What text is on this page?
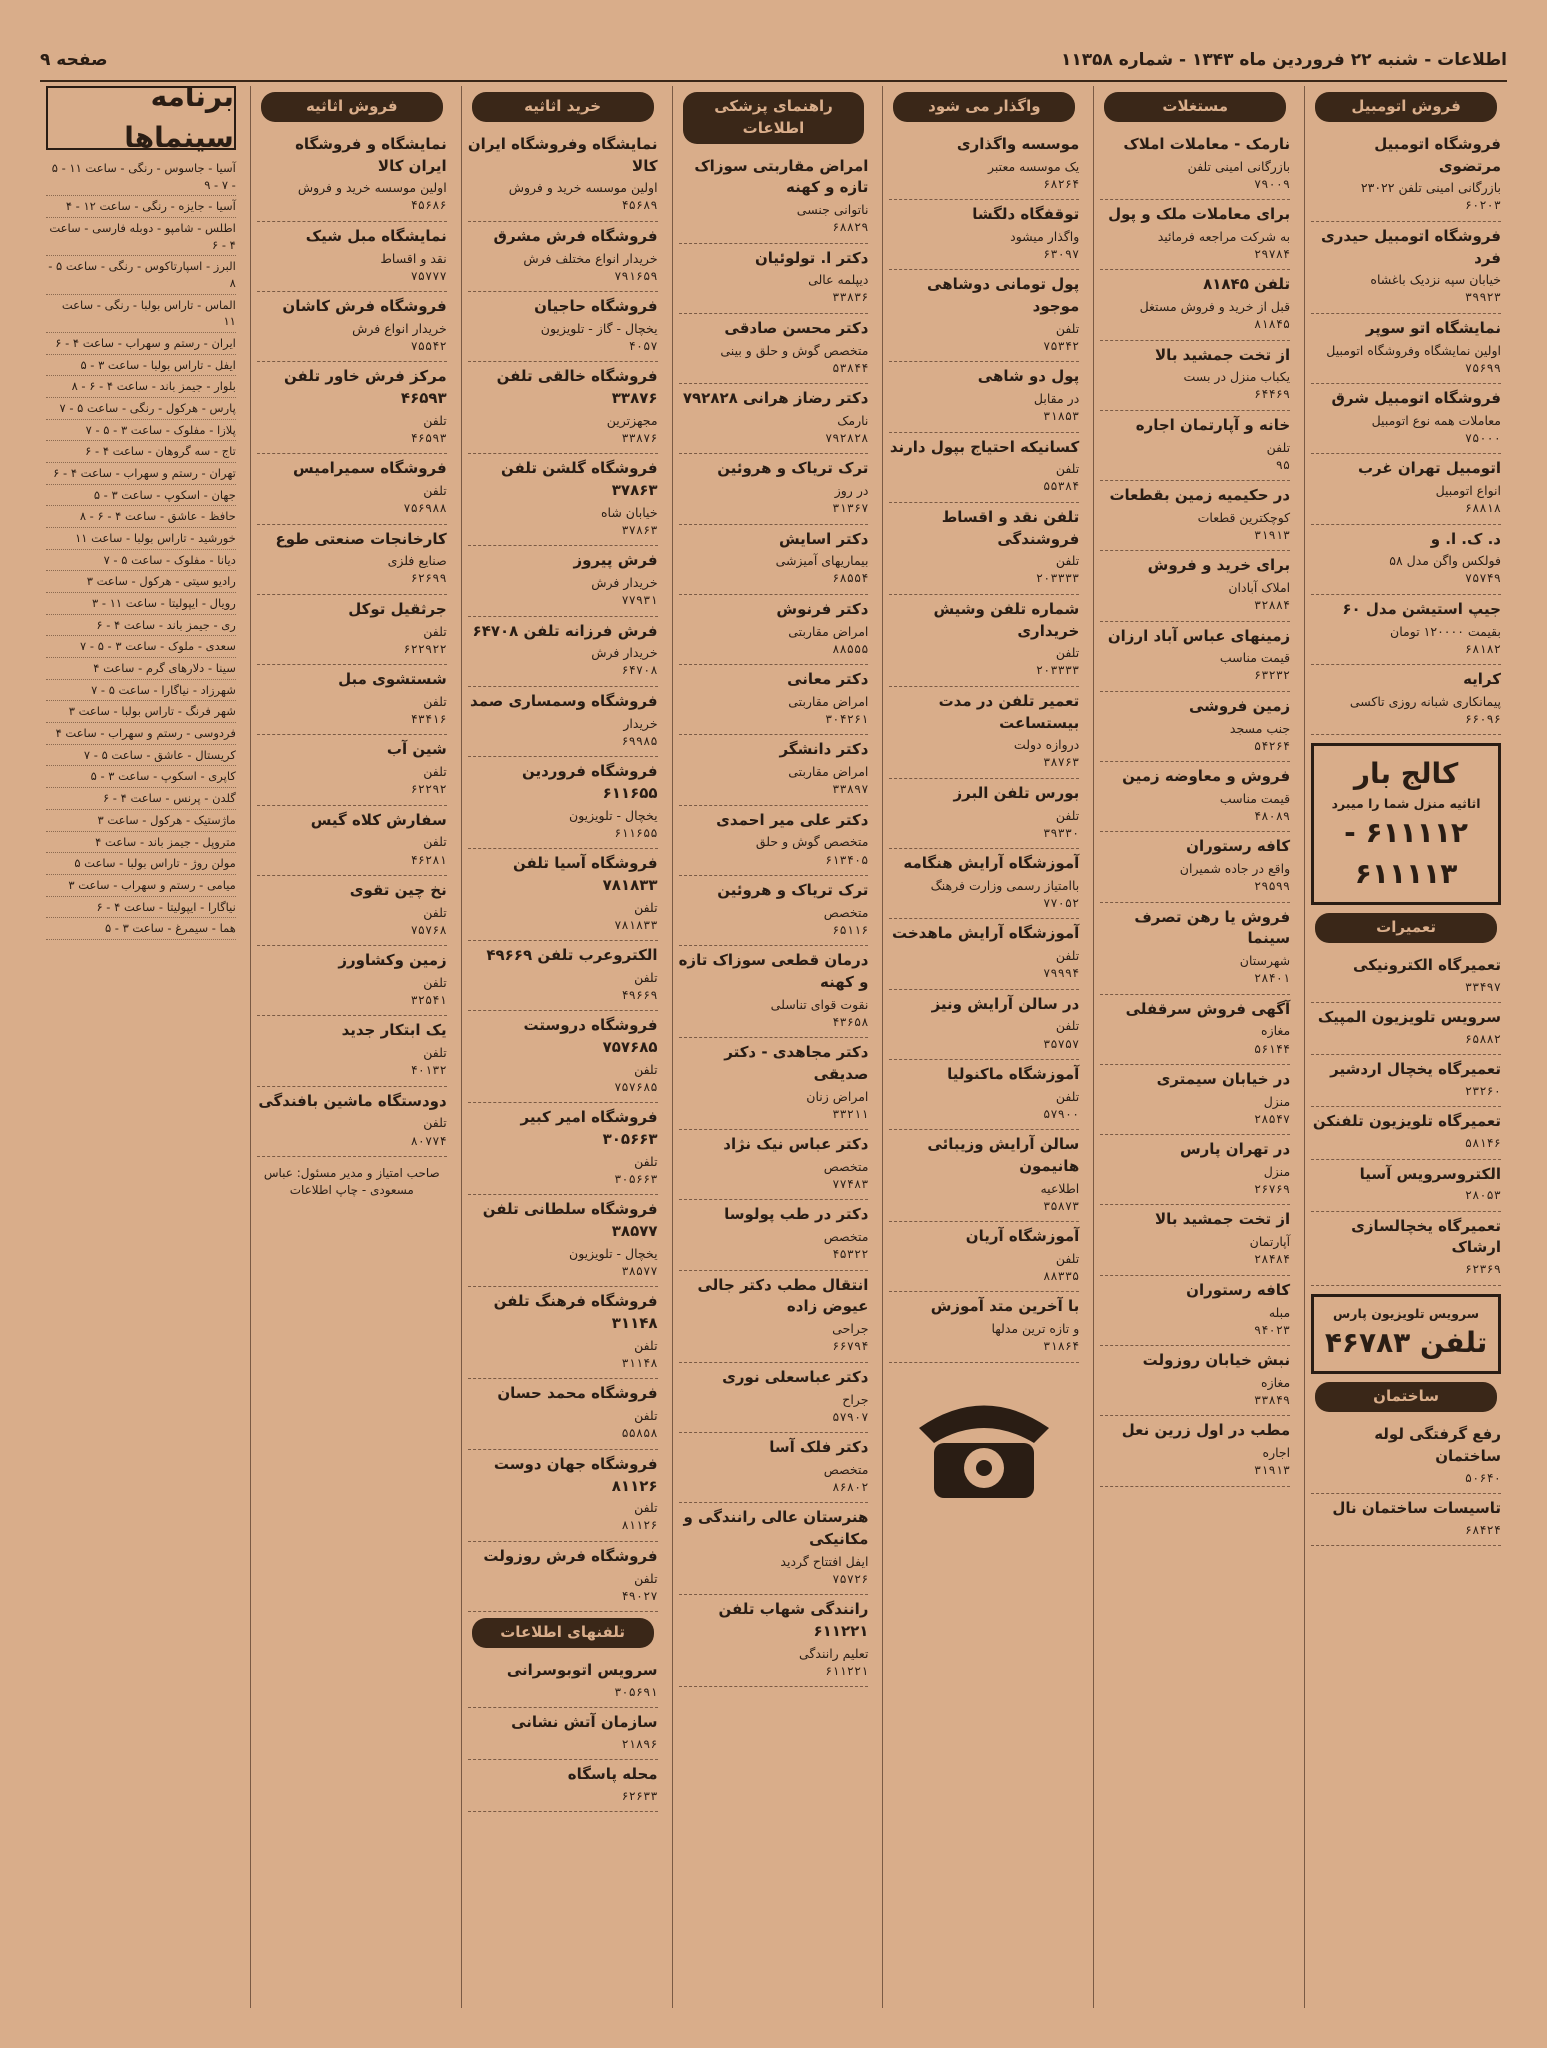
اطلاعات - شنبه ۲۲ فروردین ماه ۱۳۴۳ - شماره ۱۱۳۵۸
صفحه ۹
فروش اتومبیل
فروشگاه اتومبیل مرتضوی
بازرگانی امینی تلفن ۲۳۰۲۲
۶۰۲۰۳
فروشگاه اتومبیل حیدری فرد
خیابان سپه نزدیک باغشاه
۳۹۹۲۳
نمایشگاه اتو سوپر
اولین نمایشگاه وفروشگاه اتومبیل
۷۵۶۹۹
فروشگاه اتومبیل شرق
معاملات همه نوع اتومبیل
۷۵۰۰۰
اتومبیل تهران غرب
انواع اتومبیل
۶۸۸۱۸
د. ک. ا. و
فولکس واگن مدل ۵۸
۷۵۷۴۹
جیپ استیشن مدل ۶۰
بقیمت ۱۲۰۰۰۰ تومان
۶۸۱۸۲
کرایه
پیمانکاری شبانه روزی تاکسی
۶۶۰۹۶
کالج بار
اثاثیه منزل شما را میبرد
۶۱۱۱۱۲ - ۶۱۱۱۱۳
تعمیرات
تعمیرگاه الکترونیکی
۳۳۴۹۷
سرویس تلویزیون المپیک
۶۵۸۸۲
تعمیرگاه یخچال اردشیر
۲۳۲۶۰
تعمیرگاه تلویزیون تلفنکن
۵۸۱۴۶
الکتروسرویس آسیا
۲۸۰۵۳
تعمیرگاه یخچالسازی ارشاک
۶۲۳۶۹
سرویس تلویزیون پارس
تلفن ۴۶۷۸۳
ساختمان
رفع گرفتگی لوله ساختمان
۵۰۶۴۰
تاسیسات ساختمان نال
۶۸۴۲۴
مستغلات
نارمک - معاملات املاک
بازرگانی امینی تلفن
۷۹۰۰۹
برای معاملات ملک و پول
به شرکت مراجعه فرمائید
۲۹۷۸۴
تلفن ۸۱۸۴۵
قبل از خرید و فروش مستغل
۸۱۸۴۵
از تخت جمشید بالا
یکباب منزل در بست
۶۴۴۶۹
خانه و آپارتمان اجاره
تلفن
۹۵
در حکیمیه زمین بقطعات
کوچکترین قطعات
۳۱۹۱۳
برای خرید و فروش
املاک آبادان
۳۲۸۸۴
زمینهای عباس آباد ارزان
قیمت مناسب
۶۳۲۳۲
زمین فروشی
جنب مسجد
۵۴۲۶۴
فروش و معاوضه زمین
قیمت مناسب
۴۸۰۸۹
کافه رستوران
واقع در جاده شمیران
۲۹۵۹۹
فروش یا رهن تصرف سینما
شهرستان
۲۸۴۰۱
آگهی فروش سرقفلی
مغازه
۵۶۱۴۴
در خیابان سیمتری
منزل
۲۸۵۴۷
در تهران پارس
منزل
۲۶۷۶۹
از تخت جمشید بالا
آپارتمان
۲۸۴۸۴
کافه رستوران
مبله
۹۴۰۲۳
نبش خیابان روزولت
مغازه
۳۳۸۴۹
مطب در اول زرین نعل
اجاره
۳۱۹۱۳
واگذار می شود
موسسه واگذاری
یک موسسه معتبر
۶۸۲۶۴
توقفگاه دلگشا
واگذار میشود
۶۳۰۹۷
پول تومانی دوشاهی موجود
تلفن
۷۵۳۴۲
پول دو شاهی
در مقابل
۳۱۸۵۳
کسانیکه احتیاج بپول دارند
تلفن
۵۵۳۸۴
تلفن نقد و اقساط فروشندگی
تلفن
۲۰۳۳۳۳
شماره تلفن وشیش خریداری
تلفن
۲۰۳۳۳۳
تعمیر تلفن در مدت بیستساعت
دروازه دولت
۳۸۷۶۳
بورس تلفن البرز
تلفن
۳۹۳۳۰
آموزشگاه آرایش هنگامه
باامتیاز رسمی وزارت فرهنگ
۷۷۰۵۲
آموزشگاه آرایش ماهدخت
تلفن
۷۹۹۹۴
در سالن آرایش ونیز
تلفن
۳۵۷۵۷
آموزشگاه ماکنولیا
تلفن
۵۷۹۰۰
سالن آرایش وزیبائی هانیمون
اطلاعیه
۳۵۸۷۳
آموزشگاه آریان
تلفن
۸۸۳۳۵
با آخرین متد آموزش
و تازه ترین مدلها
۳۱۸۶۴
راهنمای پزشکی اطلاعات
امراض مقاربتی سوزاک تازه و کهنه
ناتوانی جنسی
۶۸۸۲۹
دکتر ا. تولوئیان
دیپلمه عالی
۳۳۸۳۶
دکتر محسن صادقی
متخصص گوش و حلق و بینی
۵۳۸۴۴
دکتر رضاز هرانی ۷۹۲۸۲۸
نارمک
۷۹۲۸۲۸
ترک تریاک و هروئین
در روز
۳۱۳۶۷
دکتر اسایش
بیماریهای آمیزشی
۶۸۵۵۴
دکتر فرنوش
امراض مقاربتی
۸۸۵۵۵
دکتر معانی
امراض مقاربتی
۳۰۴۲۶۱
دکتر دانشگر
امراض مقاربتی
۳۳۸۹۷
دکتر علی میر احمدی
متخصص گوش و حلق
۶۱۳۴۰۵
ترک تریاک و هروئین
متخصص
۶۵۱۱۶
درمان قطعی سوزاک تازه و کهنه
نقوت قوای تناسلی
۴۳۶۵۸
دکتر مجاهدی - دکتر صدیقی
امراض زنان
۳۳۲۱۱
دکتر عباس نیک نژاد
متخصص
۷۷۴۸۳
دکتر در طب پولوسا
متخصص
۴۵۳۲۲
انتقال مطب دکتر جالی عیوض زاده
جراحی
۶۶۷۹۴
دکتر عباسعلی نوری
جراح
۵۷۹۰۷
دکتر فلک آسا
متخصص
۸۶۸۰۲
هنرستان عالی رانندگی و مکانیکی
ایفل افتتاح گردید
۷۵۷۲۶
رانندگی شهاب تلفن ۶۱۱۲۲۱
تعلیم رانندگی
۶۱۱۲۲۱
خرید اثاثیه
نمایشگاه وفروشگاه ایران کالا
اولین موسسه خرید و فروش
۴۵۶۸۹
فروشگاه فرش مشرق
خریدار انواع مختلف فرش
۷۹۱۶۵۹
فروشگاه حاجیان
یخچال - گاز - تلویزیون
۴۰۵۷
فروشگاه خالقی تلفن ۳۳۸۷۶
مجهزترین
۳۳۸۷۶
فروشگاه گلشن تلفن ۳۷۸۶۳
خیابان شاه
۳۷۸۶۳
فرش پیروز
خریدار فرش
۷۷۹۳۱
فرش فرزانه تلفن ۶۴۷۰۸
خریدار فرش
۶۴۷۰۸
فروشگاه وسمساری صمد
خریدار
۶۹۹۸۵
فروشگاه فروردین ۶۱۱۶۵۵
یخچال - تلویزیون
۶۱۱۶۵۵
فروشگاه آسیا تلفن ۷۸۱۸۳۳
تلفن
۷۸۱۸۳۳
الکتروعرب تلفن ۴۹۶۶۹
تلفن
۴۹۶۶۹
فروشگاه دروستت ۷۵۷۶۸۵
تلفن
۷۵۷۶۸۵
فروشگاه امیر کبیر ۳۰۵۶۶۳
تلفن
۳۰۵۶۶۳
فروشگاه سلطانی تلفن ۳۸۵۷۷
یخچال - تلویزیون
۳۸۵۷۷
فروشگاه فرهنگ تلفن ۳۱۱۴۸
تلفن
۳۱۱۴۸
فروشگاه محمد حسان
تلفن
۵۵۸۵۸
فروشگاه جهان دوست ۸۱۱۲۶
تلفن
۸۱۱۲۶
فروشگاه فرش روزولت
تلفن
۴۹۰۲۷
تلفنهای اطلاعات
سرویس اتوبوسرانی
۳۰۵۶۹۱
سازمان آتش نشانی
۲۱۸۹۶
محله پاسگاه
۶۲۶۳۳
فروش اثاثیه
نمایشگاه و فروشگاه ایران کالا
اولین موسسه خرید و فروش
۴۵۶۸۶
نمایشگاه مبل شیک
نقد و اقساط
۷۵۷۷۷
فروشگاه فرش کاشان
خریدار انواع فرش
۷۵۵۴۲
مرکز فرش خاور تلفن ۴۶۵۹۳
تلفن
۴۶۵۹۳
فروشگاه سمیرامیس
تلفن
۷۵۶۹۸۸
کارخانجات صنعتی طوع
صنایع فلزی
۶۲۶۹۹
جرثقیل توکل
تلفن
۶۲۲۹۲۲
شستشوی مبل
تلفن
۴۳۴۱۶
شین آب
تلفن
۶۲۲۹۲
سفارش کلاه گیس
تلفن
۴۶۲۸۱
نخ چین تقوی
تلفن
۷۵۷۶۸
زمین وکشاورز
تلفن
۳۲۵۴۱
یک ابتکار جدید
تلفن
۴۰۱۳۲
دودستگاه ماشین بافندگی
تلفن
۸۰۷۷۴
صاحب امتیاز و مدیر مسئول: عباس مسعودی - چاپ اطلاعات
برنامه سینماها
آسیا - جاسوس - رنگی - ساعت ۱۱ - ۵ - ۷ - ۹
آسیا - جایزه - رنگی - ساعت ۱۲ - ۴
اطلس - شامپو - دوبله فارسی - ساعت ۴ - ۶
البرز - اسپارتاکوس - رنگی - ساعت ۵ - ۸
الماس - تاراس بولبا - رنگی - ساعت ۱۱
ایران - رستم و سهراب - ساعت ۴ - ۶
ایفل - تاراس بولبا - ساعت ۳ - ۵
بلوار - جیمز باند - ساعت ۴ - ۶ - ۸
پارس - هرکول - رنگی - ساعت ۵ - ۷
پلازا - مفلوک - ساعت ۳ - ۵ - ۷
تاج - سه گروهان - ساعت ۴ - ۶
تهران - رستم و سهراب - ساعت ۴ - ۶
جهان - اسکوپ - ساعت ۳ - ۵
حافظ - عاشق - ساعت ۴ - ۶ - ۸
خورشید - تاراس بولبا - ساعت ۱۱
دیانا - مفلوک - ساعت ۵ - ۷
رادیو سیتی - هرکول - ساعت ۳
رویال - ایپولیتا - ساعت ۱۱ - ۳
ری - جیمز باند - ساعت ۴ - ۶
سعدی - ملوک - ساعت ۳ - ۵ - ۷
سینا - دلارهای گرم - ساعت ۴
شهرزاد - نیاگارا - ساعت ۵ - ۷
شهر فرنگ - تاراس بولبا - ساعت ۳
فردوسی - رستم و سهراب - ساعت ۴
کریستال - عاشق - ساعت ۵ - ۷
کاپری - اسکوپ - ساعت ۳ - ۵
گلدن - پرنس - ساعت ۴ - ۶
ماژستیک - هرکول - ساعت ۳
متروپل - جیمز باند - ساعت ۴
مولن روژ - تاراس بولبا - ساعت ۵
میامی - رستم و سهراب - ساعت ۳
نیاگارا - ایپولیتا - ساعت ۴ - ۶
هما - سیمرغ - ساعت ۳ - ۵
